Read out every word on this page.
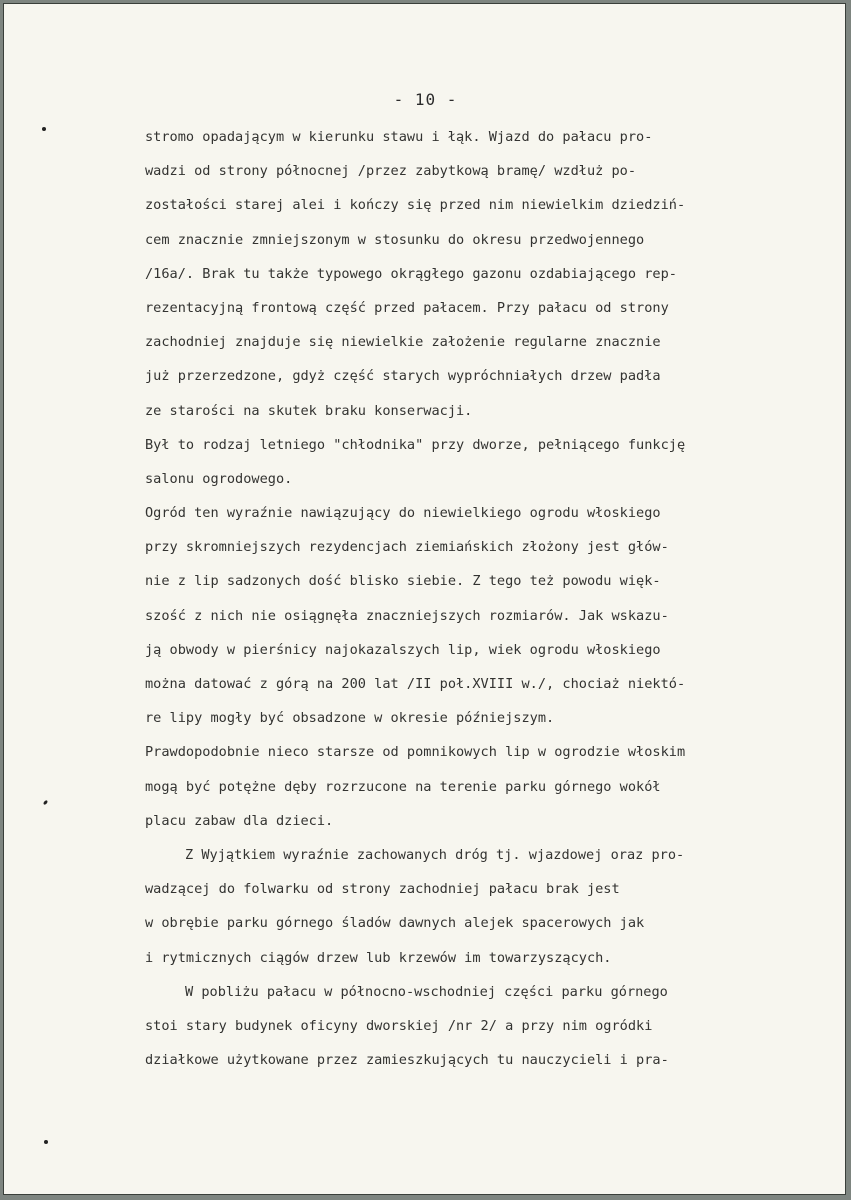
- 10 -
stromo opadającym w kierunku stawu i łąk. Wjazd do pałacu pro-
wadzi od strony północnej /przez zabytkową bramę/ wzdłuż po-
zostałości starej alei i kończy się przed nim niewielkim dziedziń-
cem znacznie zmniejszonym w stosunku do okresu przedwojennego
/16a/. Brak tu także typowego okrągłego gazonu ozdabiającego rep-
rezentacyjną frontową część przed pałacem. Przy pałacu od strony
zachodniej znajduje się niewielkie założenie regularne znacznie
już przerzedzone, gdyż część starych wypróchniałych drzew padła
ze starości na skutek braku konserwacji.
Był to rodzaj letniego "chłodnika" przy dworze, pełniącego funkcję
salonu ogrodowego.
Ogród ten wyraźnie nawiązujący do niewielkiego ogrodu włoskiego
przy skromniejszych rezydencjach ziemiańskich złożony jest głów-
nie z lip sadzonych dość blisko siebie. Z tego też powodu więk-
szość z nich nie osiągnęła znaczniejszych rozmiarów. Jak wskazu-
ją obwody w pierśnicy najokazalszych lip, wiek ogrodu włoskiego
można datować z górą na 200 lat /II poł.XVIII w./, chociaż niektó-
re lipy mogły być obsadzone w okresie późniejszym.
Prawdopodobnie nieco starsze od pomnikowych lip w ogrodzie włoskim
mogą być potężne dęby rozrzucone na terenie parku górnego wokół
placu zabaw dla dzieci.
Z Wyjątkiem wyraźnie zachowanych dróg tj. wjazdowej oraz pro-
wadzącej do folwarku od strony zachodniej pałacu brak jest
w obrębie parku górnego śladów dawnych alejek spacerowych jak
i rytmicznych ciągów drzew lub krzewów im towarzyszących.
W pobliżu pałacu w północno-wschodniej części parku górnego
stoi stary budynek oficyny dworskiej /nr 2/ a przy nim ogródki
działkowe użytkowane przez zamieszkujących tu nauczycieli i pra-
